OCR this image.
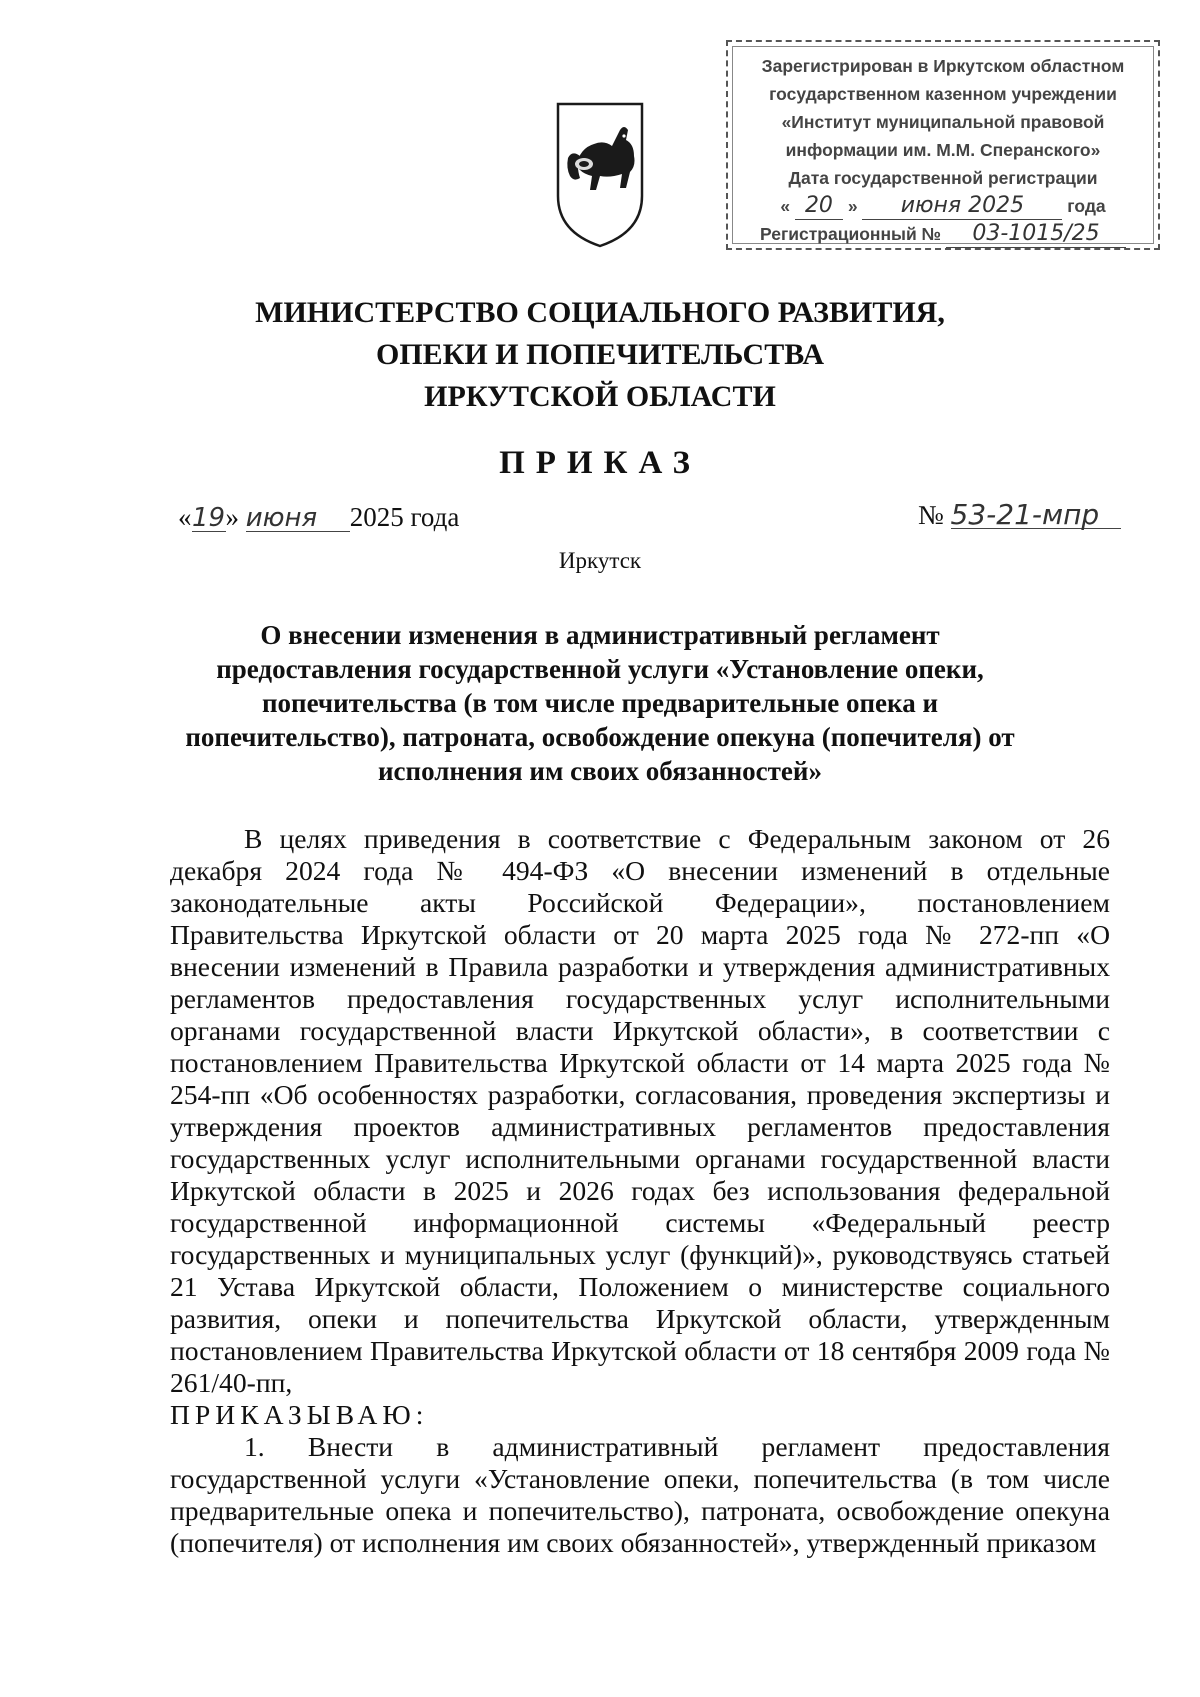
Зарегистрирован в Иркутском областном
государственном казенном учреждении
«Институт муниципальной правовой
информации им. М.М. Сперанского»
Дата государственной регистрации
« 20 » июня 2025 года
Регистрационный № 03-1015/25
МИНИСТЕРСТВО СОЦИАЛЬНОГО РАЗВИТИЯ,
ОПЕКИ И ПОПЕЧИТЕЛЬСТВА
ИРКУТСКОЙ ОБЛАСТИ
ПРИКАЗ
«19» июня 2025 года	№ 53-21-мпр
Иркутск
О внесении изменения в административный регламент
предоставления государственной услуги «Установление опеки,
попечительства (в том числе предварительные опека и
попечительство), патроната, освобождение опекуна (попечителя) от
исполнения им своих обязанностей»

В целях приведения в соответствие с Федеральным законом от 26 декабря 2024 года № 494-ФЗ «О внесении изменений в отдельные законодательные акты Российской Федерации», постановлением Правительства Иркутской области от 20 марта 2025 года № 272-пп «О внесении изменений в Правила разработки и утверждения административных регламентов предоставления государственных услуг исполнительными органами государственной власти Иркутской области», в соответствии с постановлением Правительства Иркутской области от 14 марта 2025 года № 254-пп «Об особенностях разработки, согласования, проведения экспертизы и утверждения проектов административных регламентов предоставления государственных услуг исполнительными органами государственной власти Иркутской области в 2025 и 2026 годах без использования федеральной государственной информационной системы «Федеральный реестр государственных и муниципальных услуг (функций)», руководствуясь статьей 21 Устава Иркутской области, Положением о министерстве социального развития, опеки и попечительства Иркутской области, утвержденным постановлением Правительства Иркутской области от 18 сентября 2009 года № 261/40-пп,

ПРИКАЗЫВАЮ:

1. Внести в административный регламент предоставления государственной услуги «Установление опеки, попечительства (в том числе предварительные опека и попечительство), патроната, освобождение опекуна (попечителя) от исполнения им своих обязанностей», утвержденный приказом
